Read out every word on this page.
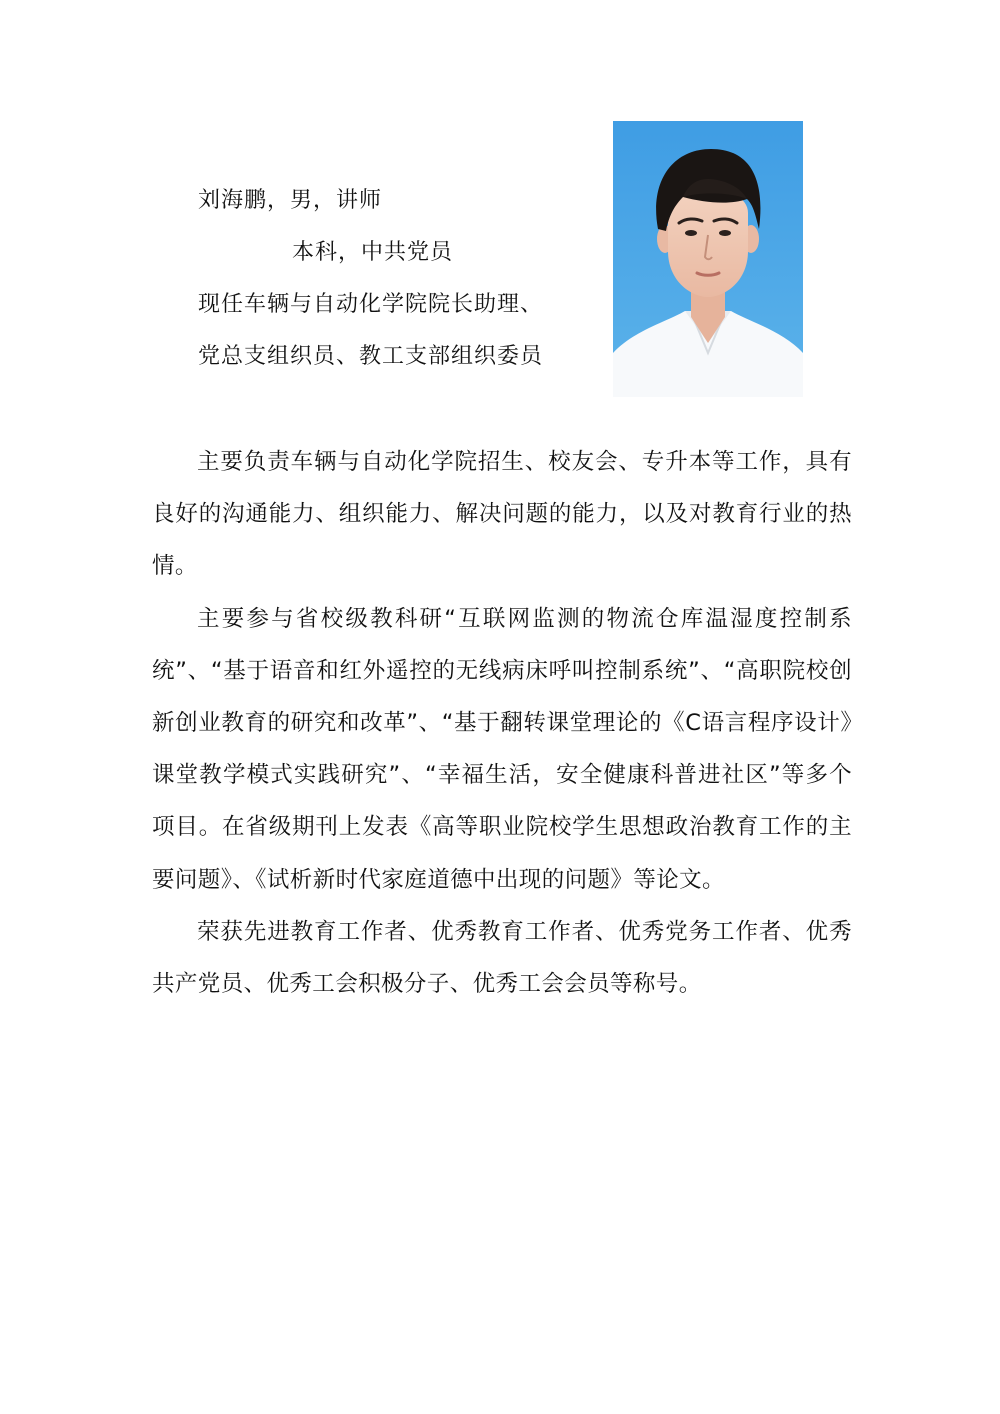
刘海鹏，男，讲师
本科，中共党员
现任车辆与自动化学院院长助理、
党总支组织员、教工支部组织委员

主要负责车辆与自动化学院招生、校友会、专升本等工作，具有良好的沟通能力、组织能力、解决问题的能力，以及对教育行业的热情。

主要参与省校级教科研“互联网监测的物流仓库温湿度控制系统”、“基于语音和红外遥控的无线病床呼叫控制系统”、“高职院校创新创业教育的研究和改革”、“基于翻转课堂理论的《C语言程序设计》课堂教学模式实践研究”、“幸福生活，安全健康科普进社区”等多个项目。在省级期刊上发表《高等职业院校学生思想政治教育工作的主要问题》、《试析新时代家庭道德中出现的问题》等论文。

荣获先进教育工作者、优秀教育工作者、优秀党务工作者、优秀共产党员、优秀工会积极分子、优秀工会会员等称号。
